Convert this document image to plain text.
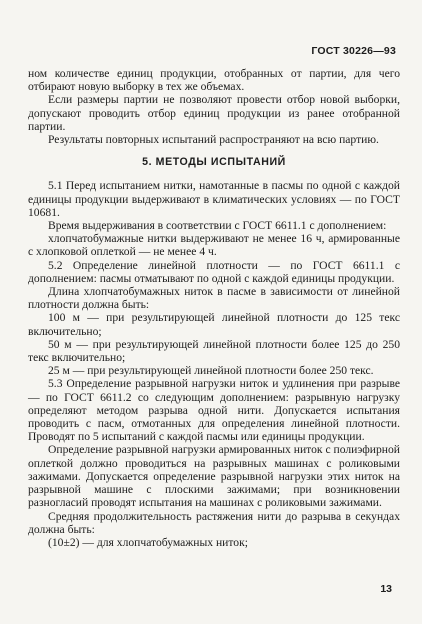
ГОСТ 30226—93

ном количестве единиц продукции, отобранных от партии, для чего отбирают новую выборку в тех же объемах.

Если размеры партии не позволяют провести отбор новой выборки, допускают проводить отбор единиц продукции из ранее отобранной партии.

Результаты повторных испытаний распространяют на всю партию.

5. МЕТОДЫ ИСПЫТАНИЙ

5.1 Перед испытанием нитки, намотанные в пасмы по одной с каждой единицы продукции выдерживают в климатических условиях — по ГОСТ 10681.

Время выдерживания в соответствии с ГОСТ 6611.1 с дополнением:

хлопчатобумажные нитки выдерживают не менее 16 ч, армированные с хлопковой оплеткой — не менее 4 ч.

5.2 Определение линейной плотности — по ГОСТ 6611.1 с дополнением: пасмы отматывают по одной с каждой единицы продукции.

Длина хлопчатобумажных ниток в пасме в зависимости от линейной плотности должна быть:

100 м — при результирующей линейной плотности до 125 текс включительно;

50 м — при результирующей линейной плотности более 125 до 250 текс включительно;

25 м — при результирующей линейной плотности более 250 текс.

5.3 Определение разрывной нагрузки ниток и удлинения при разрыве — по ГОСТ 6611.2 со следующим дополнением: разрывную нагрузку определяют методом разрыва одной нити. Допускается испытания проводить с пасм, отмотанных для определения линейной плотности. Проводят по 5 испытаний с каждой пасмы или единицы продукции.

Определение разрывной нагрузки армированных ниток с полиэфирной оплеткой должно проводиться на разрывных машинах с роликовыми зажимами. Допускается определение разрывной нагрузки этих ниток на разрывной машине с плоскими зажимами; при возникновении разногласий проводят испытания на машинах с роликовыми зажимами.

Средняя продолжительность растяжения нити до разрыва в секундах должна быть:

(10±2) — для хлопчатобумажных ниток;

13
